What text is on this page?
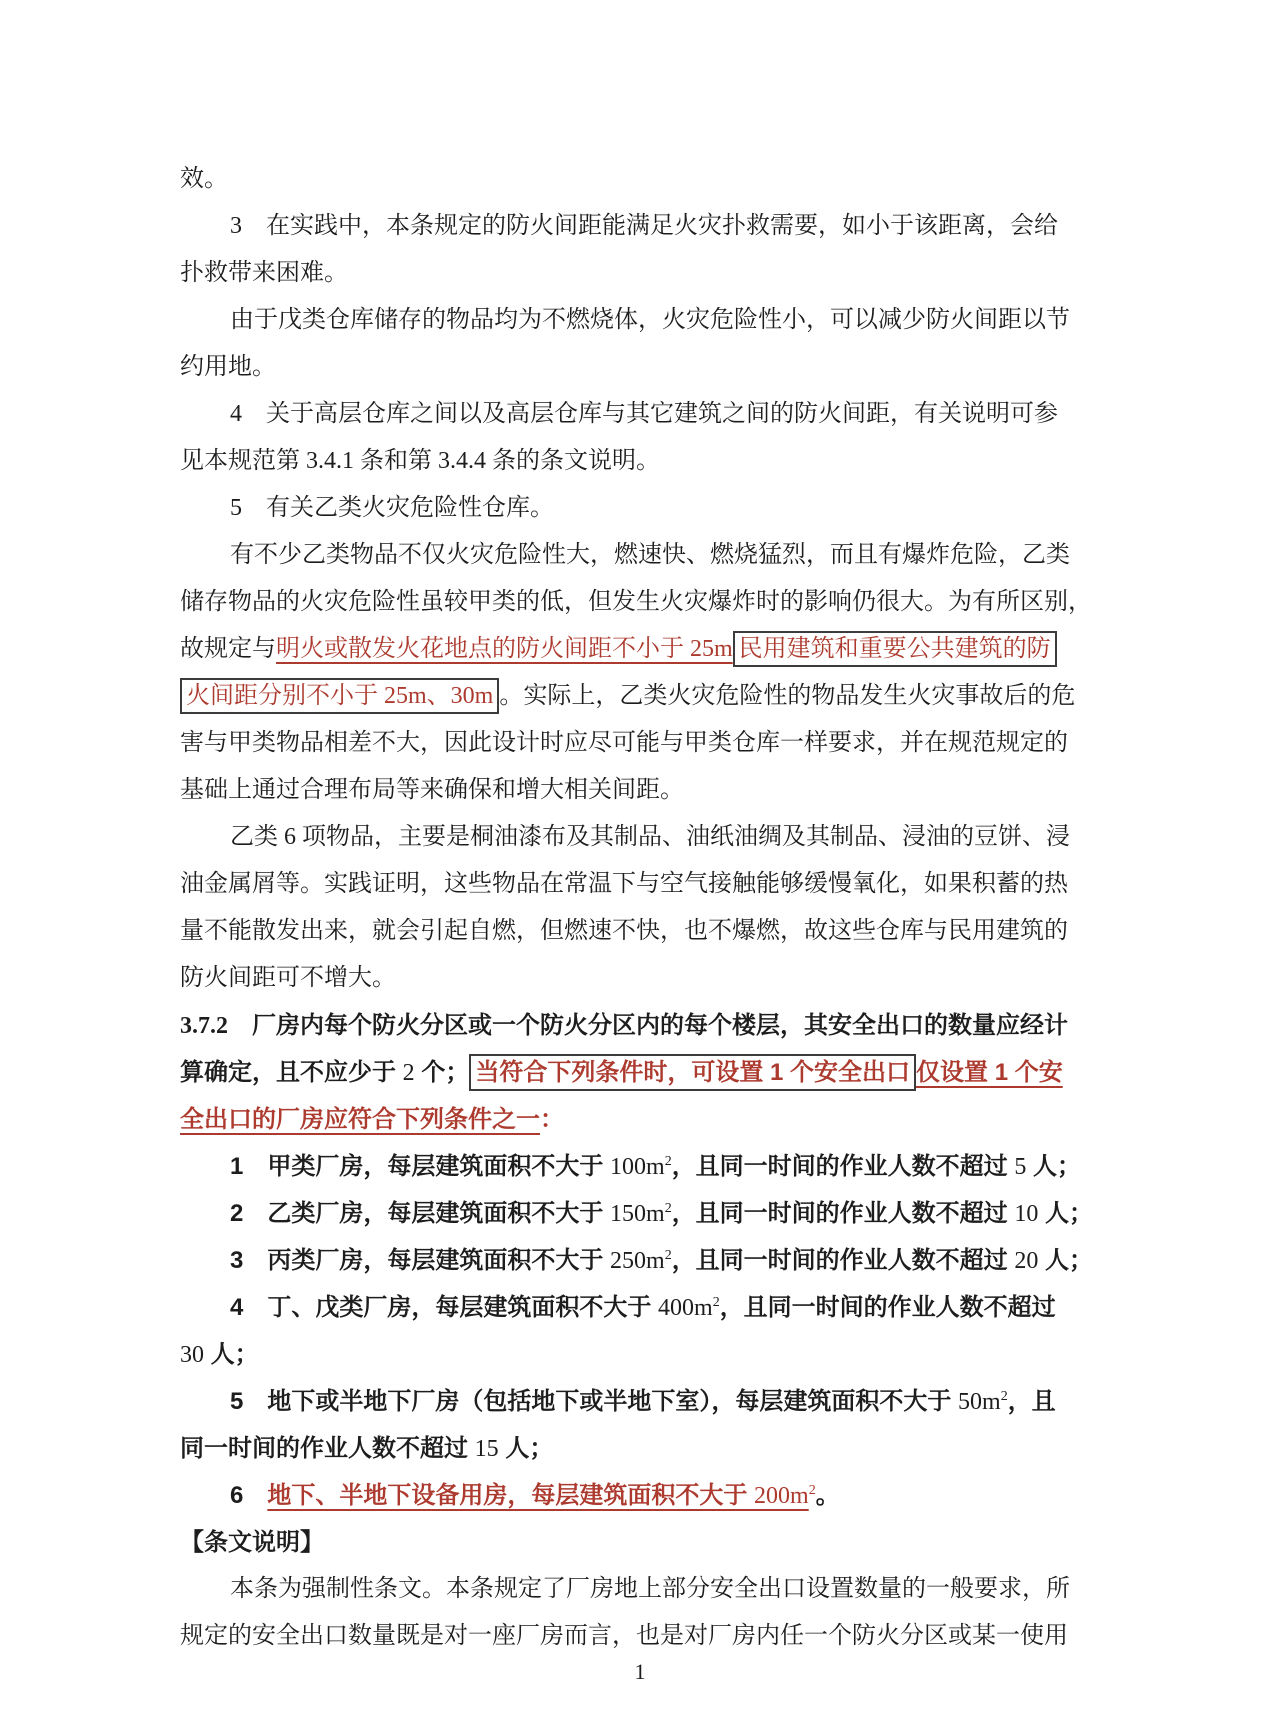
效。
3　在实践中，本条规定的防火间距能满足火灾扑救需要，如小于该距离，会给
扑救带来困难。
由于戊类仓库储存的物品均为不燃烧体，火灾危险性小，可以减少防火间距以节
约用地。
4　关于高层仓库之间以及高层仓库与其它建筑之间的防火间距，有关说明可参
见本规范第 3.4.1 条和第 3.4.4 条的条文说明。
5　有关乙类火灾危险性仓库。
有不少乙类物品不仅火灾危险性大，燃速快、燃烧猛烈，而且有爆炸危险，乙类
储存物品的火灾危险性虽较甲类的低，但发生火灾爆炸时的影响仍很大。为有所区别，
故规定与明火或散发火花地点的防火间距不小于 25m 民用建筑和重要公共建筑的防
火间距分别不小于 25m、30m 。实际上，乙类火灾危险性的物品发生火灾事故后的危
害与甲类物品相差不大，因此设计时应尽可能与甲类仓库一样要求，并在规范规定的
基础上通过合理布局等来确保和增大相关间距。
乙类 6 项物品，主要是桐油漆布及其制品、油纸油绸及其制品、浸油的豆饼、浸
油金属屑等。实践证明，这些物品在常温下与空气接触能够缓慢氧化，如果积蓄的热
量不能散发出来，就会引起自燃，但燃速不快，也不爆燃，故这些仓库与民用建筑的
防火间距可不增大。
3.7.2　厂房内每个防火分区或一个防火分区内的每个楼层，其安全出口的数量应经计
算确定，且不应少于 2 个； 当符合下列条件时，可设置 1 个安全出口 仅设置 1 个安
全出口的厂房应符合下列条件之一：
1　甲类厂房，每层建筑面积不大于 $100m^2$，且同一时间的作业人数不超过 5 人；
2　乙类厂房，每层建筑面积不大于 $150m^2$，且同一时间的作业人数不超过 10 人；
3　丙类厂房，每层建筑面积不大于 $250m^2$，且同一时间的作业人数不超过 20 人；
4　丁、戊类厂房，每层建筑面积不大于 $400m^2$，且同一时间的作业人数不超过
30 人；
5　地下或半地下厂房（包括地下或半地下室），每层建筑面积不大于 $50m^2$，且
同一时间的作业人数不超过 15 人；
6　地下、半地下设备用房，每层建筑面积不大于 $200m^2$。
【条文说明】
本条为强制性条文。本条规定了厂房地上部分安全出口设置数量的一般要求，所
规定的安全出口数量既是对一座厂房而言，也是对厂房内任一个防火分区或某一使用
1
